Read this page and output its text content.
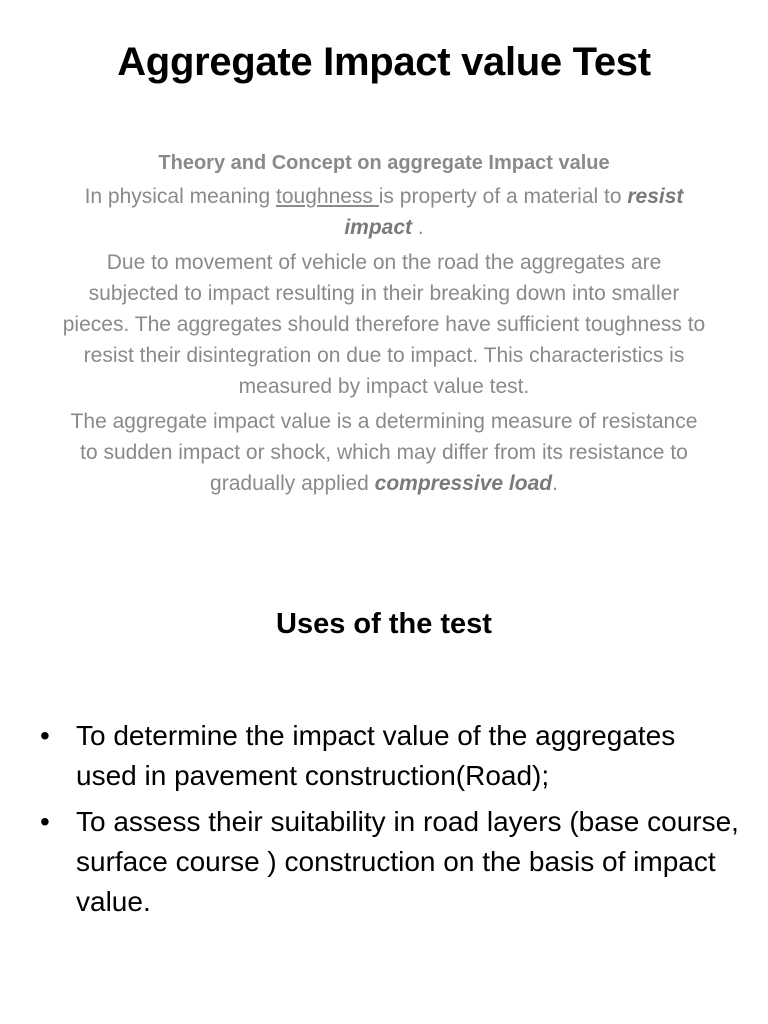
Aggregate Impact value Test

Theory and Concept on aggregate Impact value

In physical meaning toughness is property of a material to resist impact .

Due to movement of vehicle on the road the aggregates are subjected to impact resulting in their breaking down into smaller pieces. The aggregates should therefore have sufficient toughness to resist their disintegration on due to impact. This characteristics is measured by impact value test.

The aggregate impact value is a determining measure of resistance to sudden impact or shock, which may differ from its resistance to gradually applied compressive load.

Uses of the test
• To determine the impact value of the aggregates used in pavement construction(Road);
• To assess their suitability in road layers (base course, surface course ) construction on the basis of impact value.
